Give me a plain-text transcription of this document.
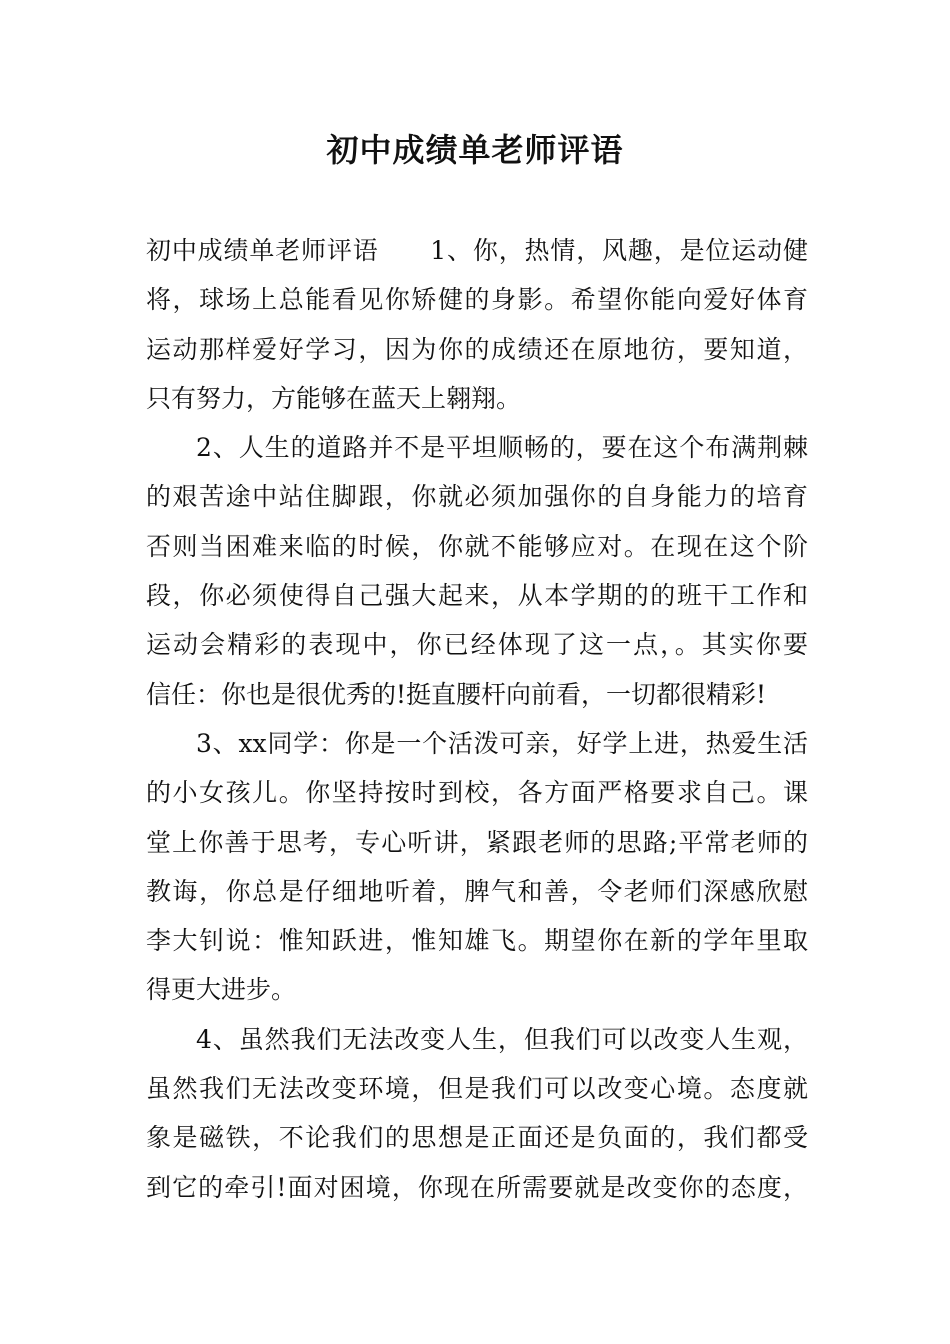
初中成绩单老师评语
初中成绩单老师评语　　1、你，热情，风趣，是位运动健
将，球场上总能看见你矫健的身影。希望你能向爱好体育
运动那样爱好学习，因为你的成绩还在原地彷，要知道，
只有努力，方能够在蓝天上翱翔。
2、人生的道路并不是平坦顺畅的，要在这个布满荆棘
的艰苦途中站住脚跟，你就必须加强你的自身能力的培育
否则当困难来临的时候，你就不能够应对。在现在这个阶
段，你必须使得自己强大起来，从本学期的的班干工作和
运动会精彩的表现中，你已经体现了这一点，。其实你要
信任：你也是很优秀的!挺直腰杆向前看，一切都很精彩!
3、xx同学：你是一个活泼可亲，好学上进，热爱生活
的小女孩儿。你坚持按时到校，各方面严格要求自己。课
堂上你善于思考，专心听讲，紧跟老师的思路;平常老师的
教诲，你总是仔细地听着，脾气和善，令老师们深感欣慰
李大钊说：惟知跃进，惟知雄飞。期望你在新的学年里取
得更大进步。
4、虽然我们无法改变人生，但我们可以改变人生观，
虽然我们无法改变环境，但是我们可以改变心境。态度就
象是磁铁，不论我们的思想是正面还是负面的，我们都受
到它的牵引!面对困境，你现在所需要就是改变你的态度，
